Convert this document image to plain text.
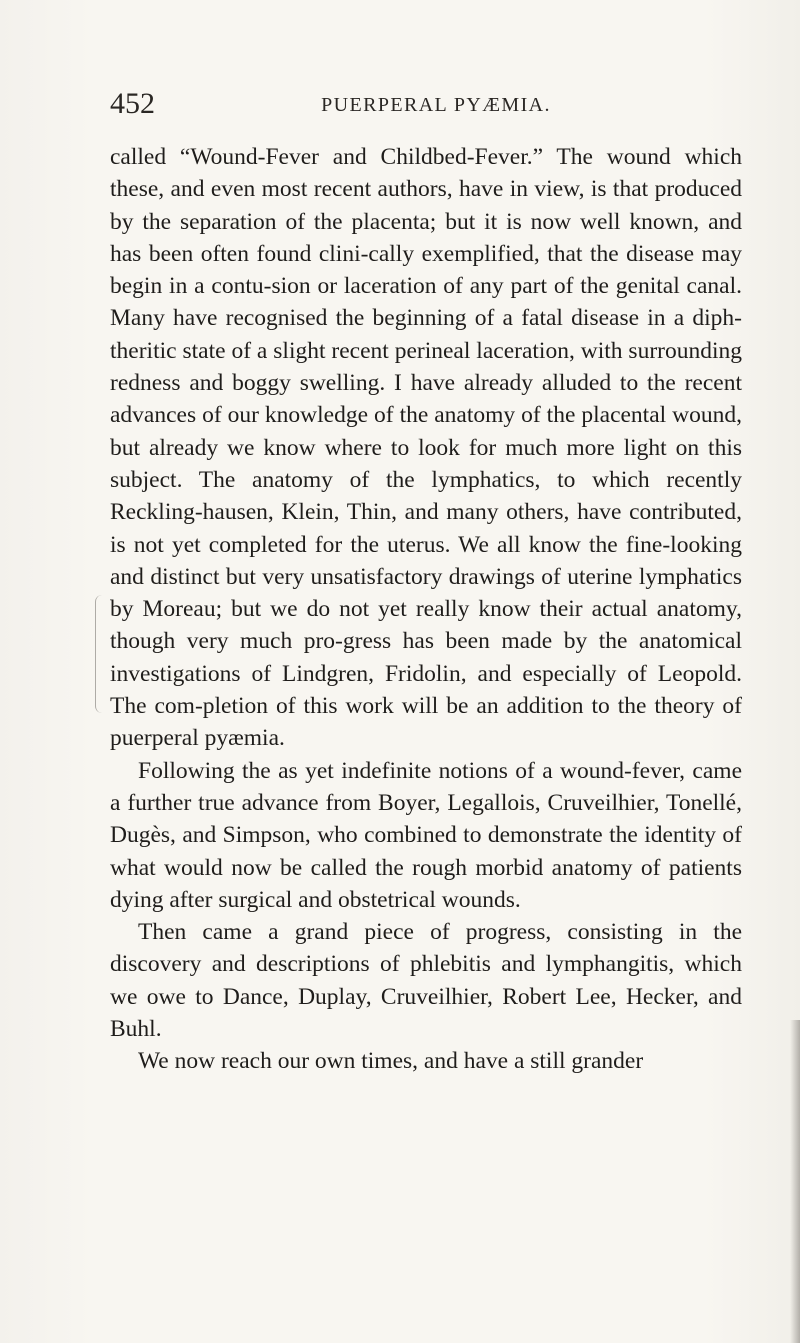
452	PUERPERAL PYÆMIA.

called “Wound-Fever and Childbed-Fever.” The wound which these, and even most recent authors, have in view, is that produced by the separation of the placenta; but it is now well known, and has been often found clini-cally exemplified, that the disease may begin in a contu-sion or laceration of any part of the genital canal. Many have recognised the beginning of a fatal disease in a diph-theritic state of a slight recent perineal laceration, with surrounding redness and boggy swelling. I have already alluded to the recent advances of our knowledge of the anatomy of the placental wound, but already we know where to look for much more light on this subject. The anatomy of the lymphatics, to which recently Reckling-hausen, Klein, Thin, and many others, have contributed, is not yet completed for the uterus. We all know the fine-looking and distinct but very unsatisfactory drawings of uterine lymphatics by Moreau; but we do not yet really know their actual anatomy, though very much pro-gress has been made by the anatomical investigations of Lindgren, Fridolin, and especially of Leopold. The com-pletion of this work will be an addition to the theory of puerperal pyæmia.

Following the as yet indefinite notions of a wound-fever, came a further true advance from Boyer, Legallois, Cruveilhier, Tonellé, Dugès, and Simpson, who combined to demonstrate the identity of what would now be called the rough morbid anatomy of patients dying after surgical and obstetrical wounds.

Then came a grand piece of progress, consisting in the discovery and descriptions of phlebitis and lymphangitis, which we owe to Dance, Duplay, Cruveilhier, Robert Lee, Hecker, and Buhl.

We now reach our own times, and have a still grander
